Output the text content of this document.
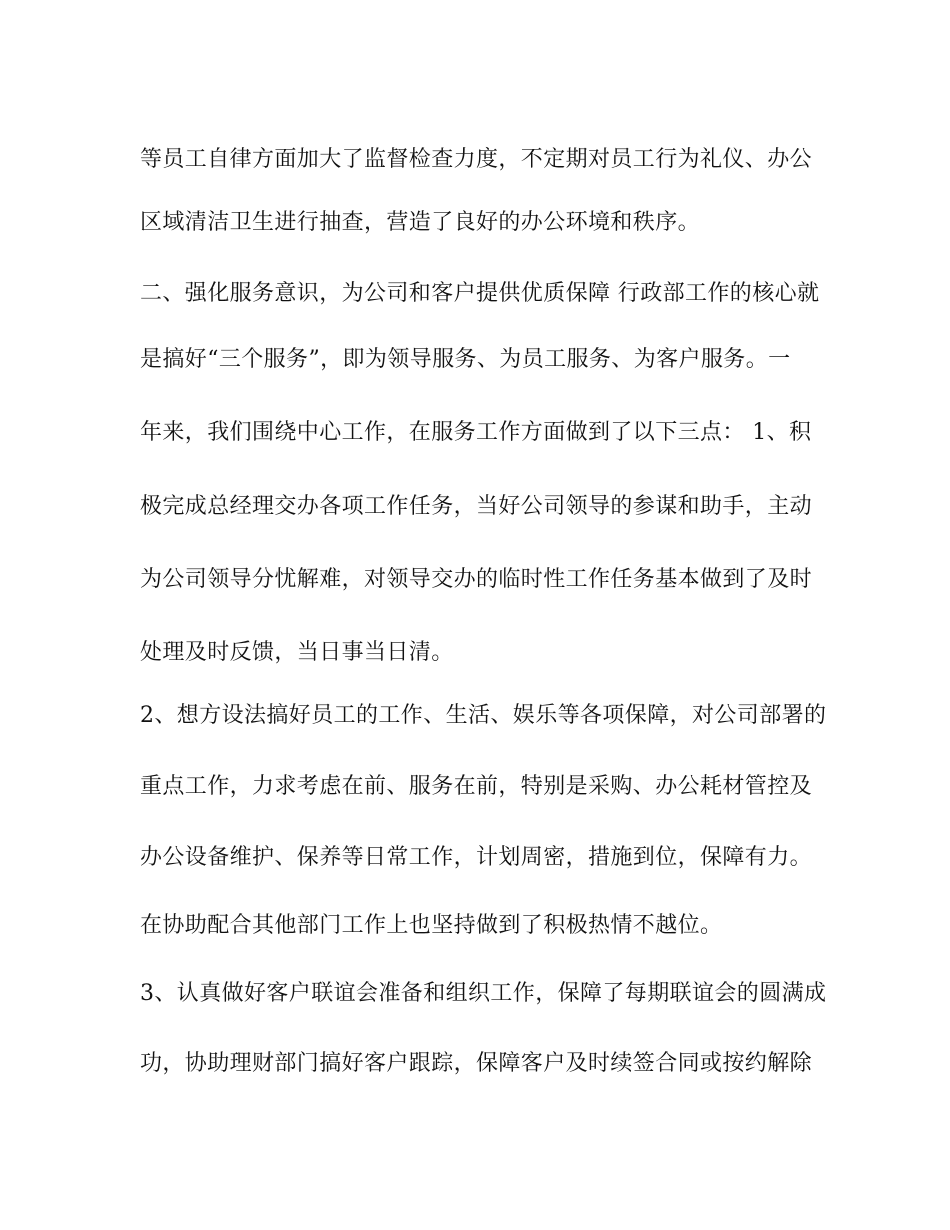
等员工自律方面加大了监督检查力度，不定期对员工行为礼仪、办公
区域清洁卫生进行抽查，营造了良好的办公环境和秩序。
二、强化服务意识，为公司和客户提供优质保障 行政部工作的核心就
是搞好“三个服务”，即为领导服务、为员工服务、为客户服务。一
年来，我们围绕中心工作，在服务工作方面做到了以下三点： 1、积
极完成总经理交办各项工作任务，当好公司领导的参谋和助手，主动
为公司领导分忧解难，对领导交办的临时性工作任务基本做到了及时
处理及时反馈，当日事当日清。
2、想方设法搞好员工的工作、生活、娱乐等各项保障，对公司部署的
重点工作，力求考虑在前、服务在前，特别是采购、办公耗材管控及
办公设备维护、保养等日常工作，计划周密，措施到位，保障有力。
在协助配合其他部门工作上也坚持做到了积极热情不越位。
3、认真做好客户联谊会准备和组织工作，保障了每期联谊会的圆满成
功，协助理财部门搞好客户跟踪，保障客户及时续签合同或按约解除
